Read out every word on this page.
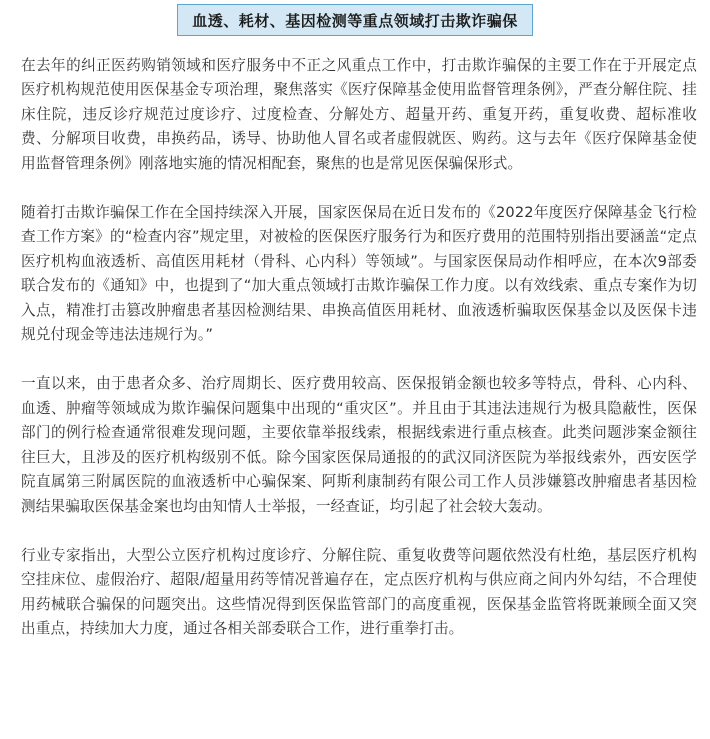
血透、耗材、基因检测等重点领域打击欺诈骗保

在去年的纠正医药购销领域和医疗服务中不正之风重点工作中，打击欺诈骗保的主要工作在于开展定点医疗机构规范使用医保基金专项治理，聚焦落实《医疗保障基金使用监督管理条例》，严查分解住院、挂床住院，违反诊疗规范过度诊疗、过度检查、分解处方、超量开药、重复开药，重复收费、超标准收费、分解项目收费，串换药品，诱导、协助他人冒名或者虚假就医、购药。这与去年《医疗保障基金使用监督管理条例》刚落地实施的情况相配套，聚焦的也是常见医保骗保形式。

随着打击欺诈骗保工作在全国持续深入开展，国家医保局在近日发布的《2022年度医疗保障基金飞行检查工作方案》的“检查内容”规定里，对被检的医保医疗服务行为和医疗费用的范围特别指出要涵盖“定点医疗机构血液透析、高值医用耗材（骨科、心内科）等领域”。与国家医保局动作相呼应，在本次9部委联合发布的《通知》中，也提到了“加大重点领域打击欺诈骗保工作力度。以有效线索、重点专案作为切入点，精准打击篡改肿瘤患者基因检测结果、串换高值医用耗材、血液透析骗取医保基金以及医保卡违规兑付现金等违法违规行为。”

一直以来，由于患者众多、治疗周期长、医疗费用较高、医保报销金额也较多等特点，骨科、心内科、血透、肿瘤等领域成为欺诈骗保问题集中出现的“重灾区”。并且由于其违法违规行为极具隐蔽性，医保部门的例行检查通常很难发现问题，主要依靠举报线索，根据线索进行重点核查。此类问题涉案金额往往巨大，且涉及的医疗机构级别不低。除今国家医保局通报的的武汉同济医院为举报线索外，西安医学院直属第三附属医院的血液透析中心骗保案、阿斯利康制药有限公司工作人员涉嫌篡改肿瘤患者基因检测结果骗取医保基金案也均由知情人士举报，一经查证，均引起了社会较大轰动。

行业专家指出，大型公立医疗机构过度诊疗、分解住院、重复收费等问题依然没有杜绝，基层医疗机构空挂床位、虚假治疗、超限/超量用药等情况普遍存在，定点医疗机构与供应商之间内外勾结，不合理使用药械联合骗保的问题突出。这些情况得到医保监管部门的高度重视，医保基金监管将既兼顾全面又突出重点，持续加大力度，通过各相关部委联合工作，进行重拳打击。
